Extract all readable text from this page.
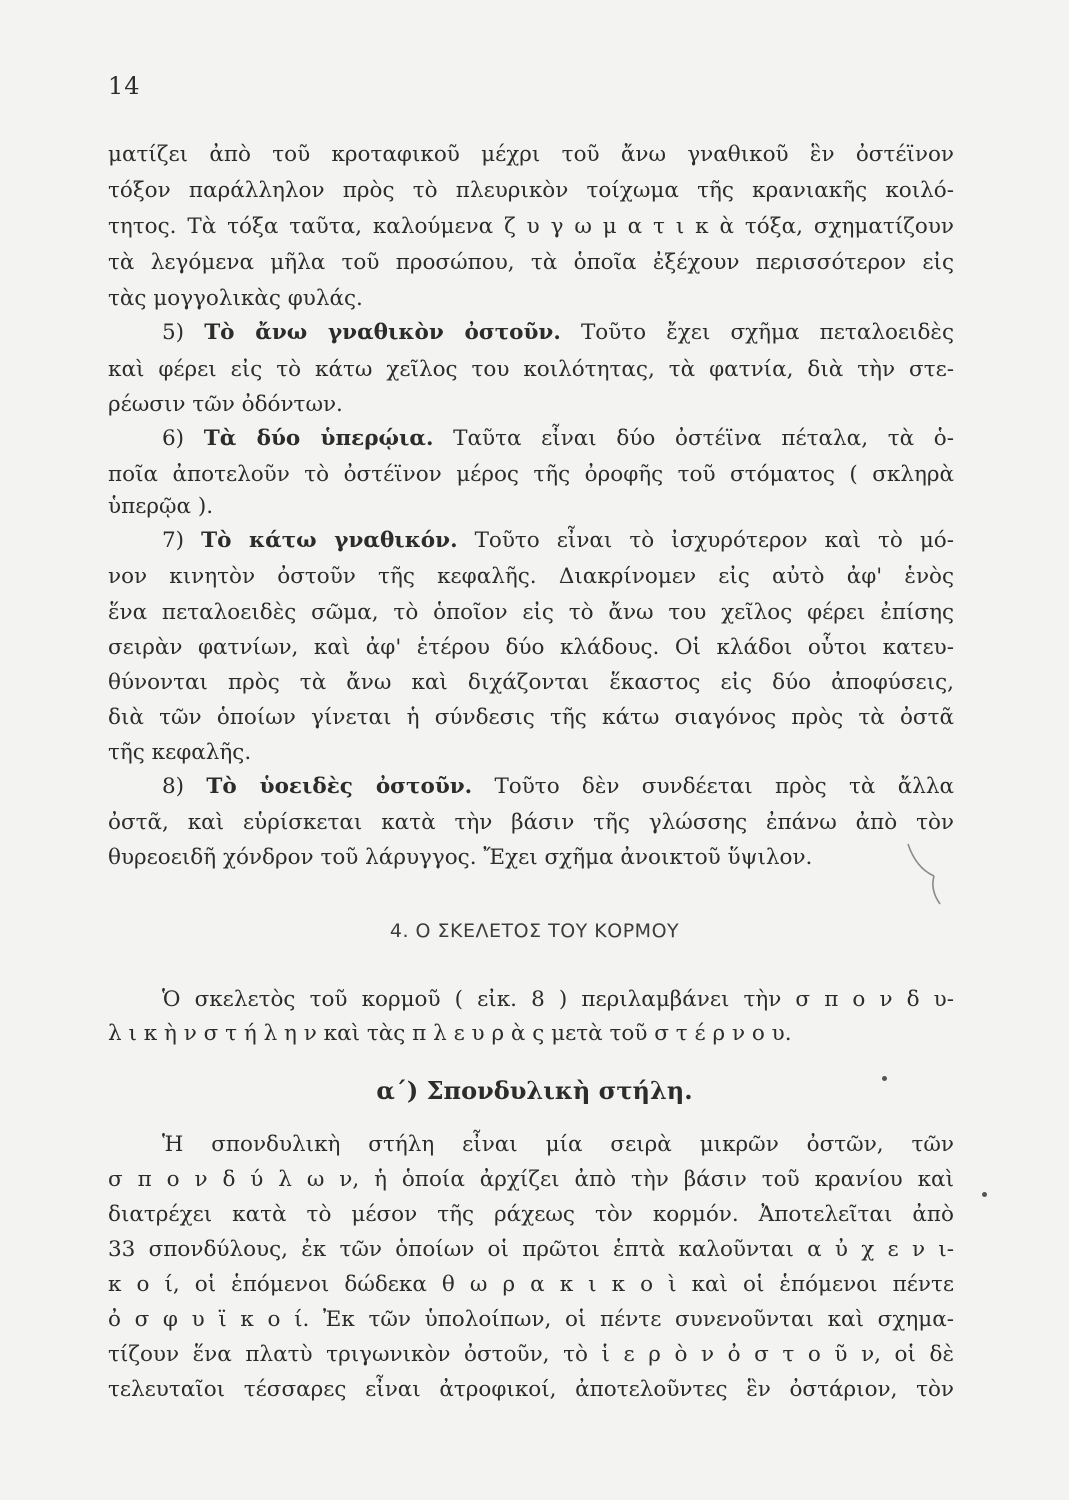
14
ματίζει ἀπὸ τοῦ κροταφικοῦ μέχρι τοῦ ἄνω γναθικοῦ ἓν ὀστέϊνον
τόξον παράλληλον πρὸς τὸ πλευρικὸν τοίχωμα τῆς κρανιακῆς κοιλό-
τητος. Τὰ τόξα ταῦτα, καλούμενα ζ υ γ ω μ α τ ι κ ὰ τόξα, σχηματίζουν
τὰ λεγόμενα μῆλα τοῦ προσώπου, τὰ ὁποῖα ἐξέχουν περισσότερον εἰς
τὰς μογγολικὰς φυλάς.
5) Τὸ ἄνω γναθικὸν ὀστοῦν. Τοῦτο ἔχει σχῆμα πεταλοειδὲς
καὶ φέρει εἰς τὸ κάτω χεῖλος του κοιλότητας, τὰ φατνία, διὰ τὴν στε-
ρέωσιν τῶν ὀδόντων.
6) Τὰ δύο ὑπερῴια. Ταῦτα εἶναι δύο ὀστέϊνα πέταλα, τὰ ὁ-
ποῖα ἀποτελοῦν τὸ ὀστέϊνον μέρος τῆς ὀροφῆς τοῦ στόματος ( σκληρὰ
ὑπερῷα ).
7) Τὸ κάτω γναθικόν. Τοῦτο εἶναι τὸ ἰσχυρότερον καὶ τὸ μό-
νον κινητὸν ὀστοῦν τῆς κεφαλῆς. Διακρίνομεν εἰς αὐτὸ ἀφ' ἑνὸς
ἕνα πεταλοειδὲς σῶμα, τὸ ὁποῖον εἰς τὸ ἄνω του χεῖλος φέρει ἐπίσης
σειρὰν φατνίων, καὶ ἀφ' ἑτέρου δύο κλάδους. Οἱ κλάδοι οὗτοι κατευ-
θύνονται πρὸς τὰ ἄνω καὶ διχάζονται ἕκαστος εἰς δύο ἀποφύσεις,
διὰ τῶν ὁποίων γίνεται ἡ σύνδεσις τῆς κάτω σιαγόνος πρὸς τὰ ὀστᾶ
τῆς κεφαλῆς.
8) Τὸ ὑοειδὲς ὀστοῦν. Τοῦτο δὲν συνδέεται πρὸς τὰ ἄλλα
ὀστᾶ, καὶ εὑρίσκεται κατὰ τὴν βάσιν τῆς γλώσσης ἐπάνω ἀπὸ τὸν
θυρεοειδῆ χόνδρον τοῦ λάρυγγος. Ἔχει σχῆμα ἀνοικτοῦ ὕψιλον.
4. Ο ΣΚΕΛΕΤΟΣ ΤΟΥ ΚΟΡΜΟΥ
Ὁ σκελετὸς τοῦ κορμοῦ ( εἰκ. 8 ) περιλαμβάνει τὴν σ π ο ν δ υ-
λ ι κ ὴ ν σ τ ή λ η ν καὶ τὰς π λ ε υ ρ ὰ ς μετὰ τοῦ σ τ έ ρ ν ο υ.
α΄) Σπονδυλικὴ στήλη.
Ἡ σπονδυλικὴ στήλη εἶναι μία σειρὰ μικρῶν ὀστῶν, τῶν
σ π ο ν δ ύ λ ω ν, ἡ ὁποία ἀρχίζει ἀπὸ τὴν βάσιν τοῦ κρανίου καὶ
διατρέχει κατὰ τὸ μέσον τῆς ράχεως τὸν κορμόν. Ἀποτελεῖται ἀπὸ
33 σπονδύλους, ἐκ τῶν ὁποίων οἱ πρῶτοι ἑπτὰ καλοῦνται α ὐ χ ε ν ι-
κ ο ί, οἱ ἑπόμενοι δώδεκα θ ω ρ α κ ι κ ο ὶ καὶ οἱ ἑπόμενοι πέντε
ὀ σ φ υ ϊ κ ο ί. Ἐκ τῶν ὑπολοίπων, οἱ πέντε συνενοῦνται καὶ σχημα-
τίζουν ἕνα πλατὺ τριγωνικὸν ὀστοῦν, τὸ ἱ ε ρ ὸ ν ὀ σ τ ο ῦ ν, οἱ δὲ
τελευταῖοι τέσσαρες εἶναι ἀτροφικοί, ἀποτελοῦντες ἓν ὀστάριον, τὸν
